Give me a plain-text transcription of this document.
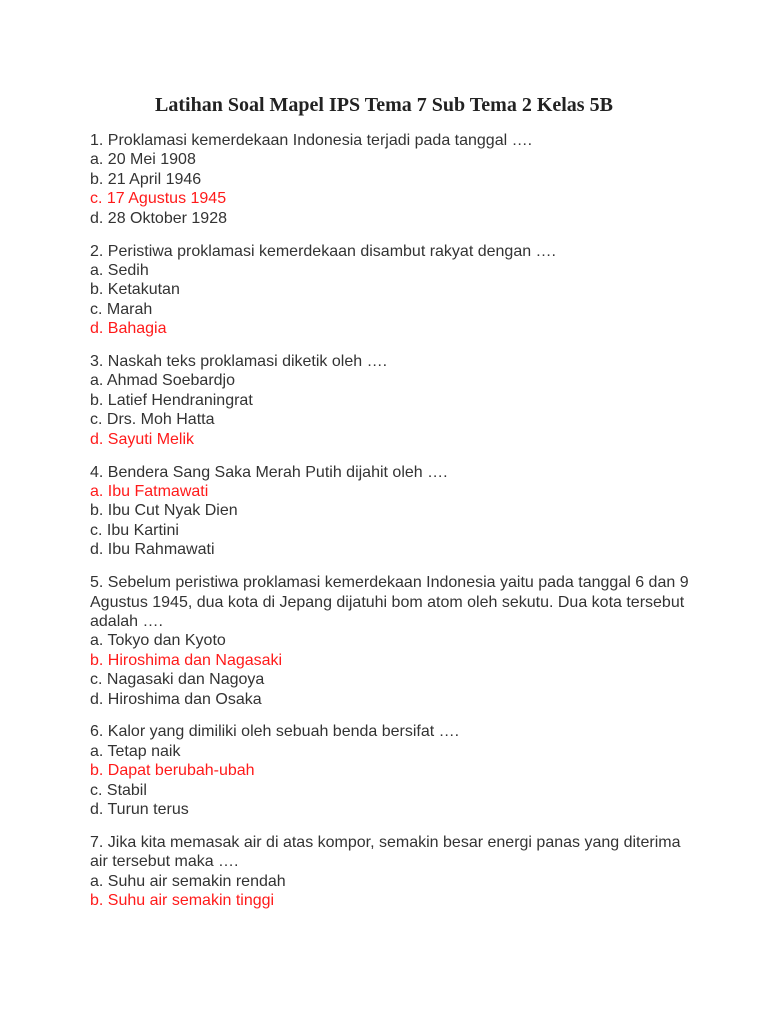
Latihan Soal Mapel IPS Tema 7 Sub Tema 2 Kelas 5B
1. Proklamasi kemerdekaan Indonesia terjadi pada tanggal ….
a. 20 Mei 1908
b. 21 April 1946
c. 17 Agustus 1945
d. 28 Oktober 1928
2. Peristiwa proklamasi kemerdekaan disambut rakyat dengan ….
a. Sedih
b. Ketakutan
c. Marah
d. Bahagia
3. Naskah teks proklamasi diketik oleh ….
a. Ahmad Soebardjo
b. Latief Hendraningrat
c. Drs. Moh Hatta
d. Sayuti Melik
4. Bendera Sang Saka Merah Putih dijahit oleh ….
a. Ibu Fatmawati
b. Ibu Cut Nyak Dien
c. Ibu Kartini
d. Ibu Rahmawati
5. Sebelum peristiwa proklamasi kemerdekaan Indonesia yaitu pada tanggal 6 dan 9 Agustus 1945, dua kota di Jepang dijatuhi bom atom oleh sekutu. Dua kota tersebut adalah ….
a. Tokyo dan Kyoto
b. Hiroshima dan Nagasaki
c. Nagasaki dan Nagoya
d. Hiroshima dan Osaka
6. Kalor yang dimiliki oleh sebuah benda bersifat ….
a. Tetap naik
b. Dapat berubah-ubah
c. Stabil
d. Turun terus
7. Jika kita memasak air di atas kompor, semakin besar energi panas yang diterima air tersebut maka ….
a. Suhu air semakin rendah
b. Suhu air semakin tinggi
